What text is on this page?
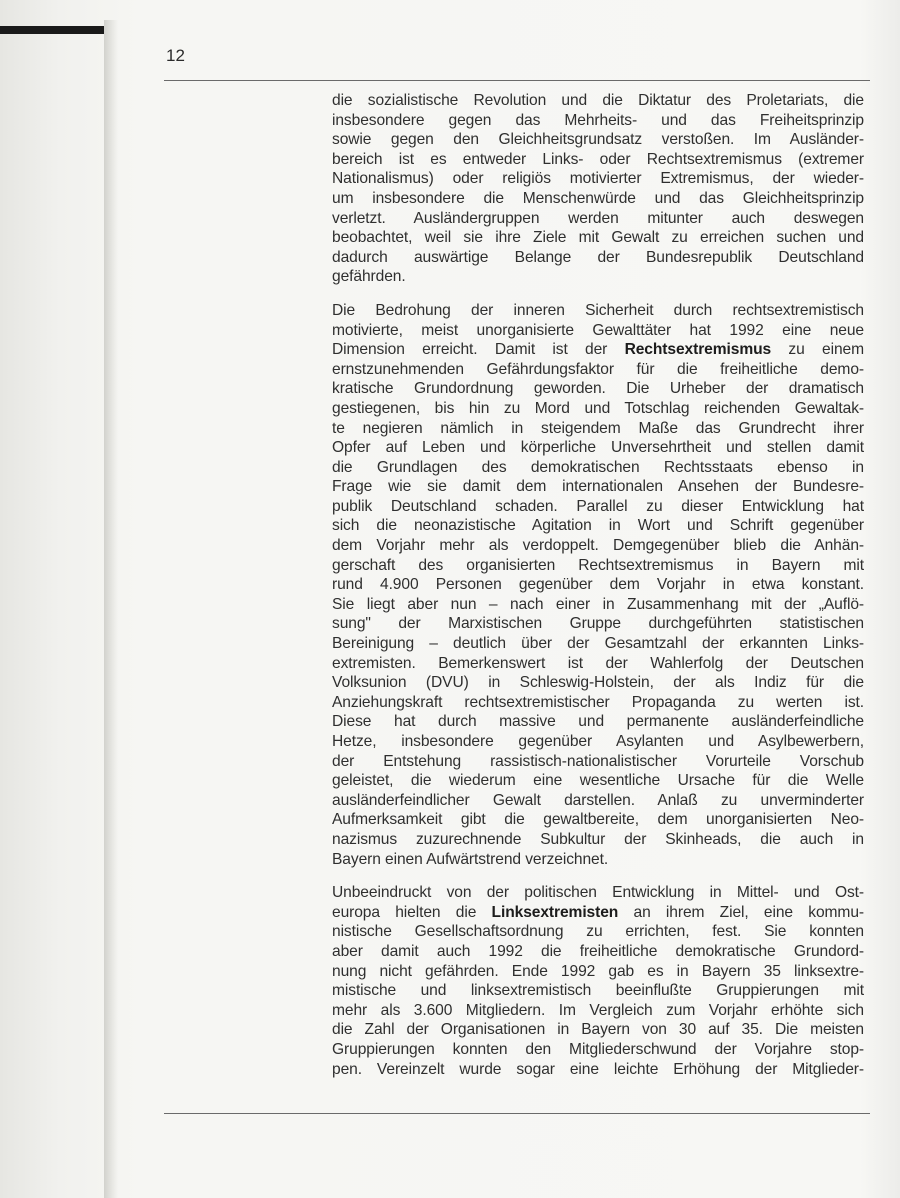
12

die sozialistische Revolution und die Diktatur des Proletariats, die
insbesondere gegen das Mehrheits- und das Freiheitsprinzip
sowie gegen den Gleichheitsgrundsatz verstoßen. Im Ausländer-
bereich ist es entweder Links- oder Rechtsextremismus (extremer
Nationalismus) oder religiös motivierter Extremismus, der wieder-
um insbesondere die Menschenwürde und das Gleichheitsprinzip
verletzt. Ausländergruppen werden mitunter auch deswegen
beobachtet, weil sie ihre Ziele mit Gewalt zu erreichen suchen und
dadurch auswärtige Belange der Bundesrepublik Deutschland
gefährden.

Die Bedrohung der inneren Sicherheit durch rechtsextremistisch
motivierte, meist unorganisierte Gewalttäter hat 1992 eine neue
Dimension erreicht. Damit ist der Rechtsextremismus zu einem
ernstzunehmenden Gefährdungsfaktor für die freiheitliche demo-
kratische Grundordnung geworden. Die Urheber der dramatisch
gestiegenen, bis hin zu Mord und Totschlag reichenden Gewaltak-
te negieren nämlich in steigendem Maße das Grundrecht ihrer
Opfer auf Leben und körperliche Unversehrtheit und stellen damit
die Grundlagen des demokratischen Rechtsstaats ebenso in
Frage wie sie damit dem internationalen Ansehen der Bundesre-
publik Deutschland schaden. Parallel zu dieser Entwicklung hat
sich die neonazistische Agitation in Wort und Schrift gegenüber
dem Vorjahr mehr als verdoppelt. Demgegenüber blieb die Anhän-
gerschaft des organisierten Rechtsextremismus in Bayern mit
rund 4.900 Personen gegenüber dem Vorjahr in etwa konstant.
Sie liegt aber nun – nach einer in Zusammenhang mit der „Auflö-
sung" der Marxistischen Gruppe durchgeführten statistischen
Bereinigung – deutlich über der Gesamtzahl der erkannten Links-
extremisten. Bemerkenswert ist der Wahlerfolg der Deutschen
Volksunion (DVU) in Schleswig-Holstein, der als Indiz für die
Anziehungskraft rechtsextremistischer Propaganda zu werten ist.
Diese hat durch massive und permanente ausländerfeindliche
Hetze, insbesondere gegenüber Asylanten und Asylbewerbern,
der Entstehung rassistisch-nationalistischer Vorurteile Vorschub
geleistet, die wiederum eine wesentliche Ursache für die Welle
ausländerfeindlicher Gewalt darstellen. Anlaß zu unverminderter
Aufmerksamkeit gibt die gewaltbereite, dem unorganisierten Neo-
nazismus zuzurechnende Subkultur der Skinheads, die auch in
Bayern einen Aufwärtstrend verzeichnet.

Unbeeindruckt von der politischen Entwicklung in Mittel- und Ost-
europa hielten die Linksextremisten an ihrem Ziel, eine kommu-
nistische Gesellschaftsordnung zu errichten, fest. Sie konnten
aber damit auch 1992 die freiheitliche demokratische Grundord-
nung nicht gefährden. Ende 1992 gab es in Bayern 35 linksextre-
mistische und linksextremistisch beeinflußte Gruppierungen mit
mehr als 3.600 Mitgliedern. Im Vergleich zum Vorjahr erhöhte sich
die Zahl der Organisationen in Bayern von 30 auf 35. Die meisten
Gruppierungen konnten den Mitgliederschwund der Vorjahre stop-
pen. Vereinzelt wurde sogar eine leichte Erhöhung der Mitglieder-
